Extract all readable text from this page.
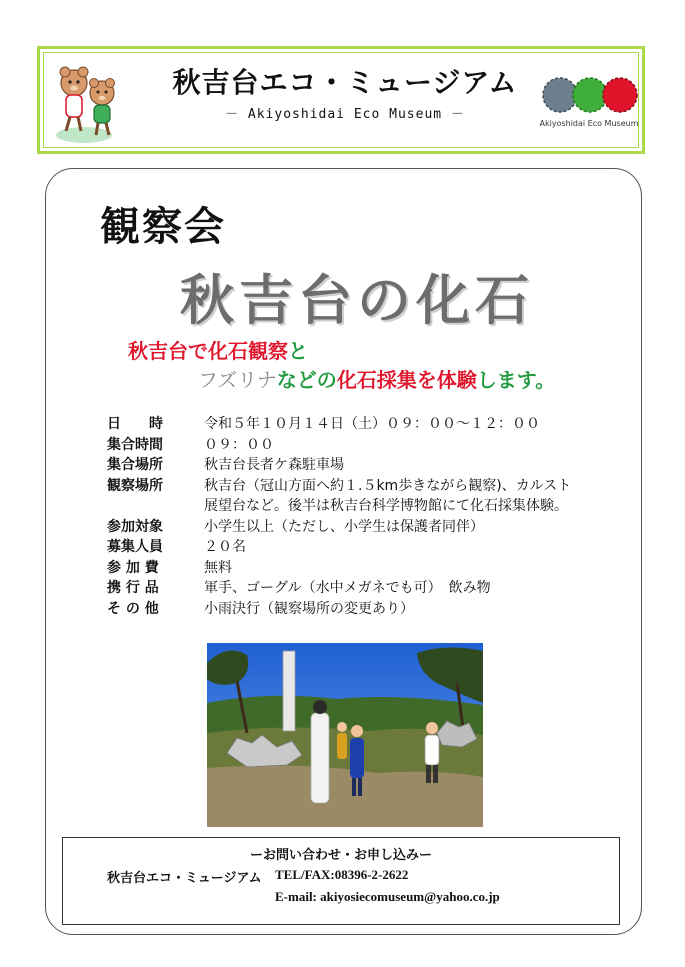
秋吉台エコ・ミュージアム
－ Akiyoshidai Eco Museum －
Akiyoshidai Eco Museum
観察会
秋吉台の化石
秋吉台で化石観察と
フズリナなどの化石採集を体験します。
日　　時	令和５年１０月１４日（土）０９：００～１２：００
集合時間	０９：００
集合場所	秋吉台長者ケ森駐車場
観察場所	秋吉台（冠山方面へ約１.５km歩きながら観察)、カルスト
展望台など。後半は秋吉台科学博物館にて化石採集体験。
参加対象	小学生以上（ただし、小学生は保護者同伴）
募集人員	２０名
参 加 費	無料
携 行 品	軍手、ゴーグル（水中メガネでも可）　飲み物
そ の 他	小雨決行（観察場所の変更あり）
ーお問い合わせ・お申し込みー
秋吉台エコ・ミュージアム TEL/FAX:08396-2-2622
E-mail: akiyosiecomuseum@yahoo.co.jp
